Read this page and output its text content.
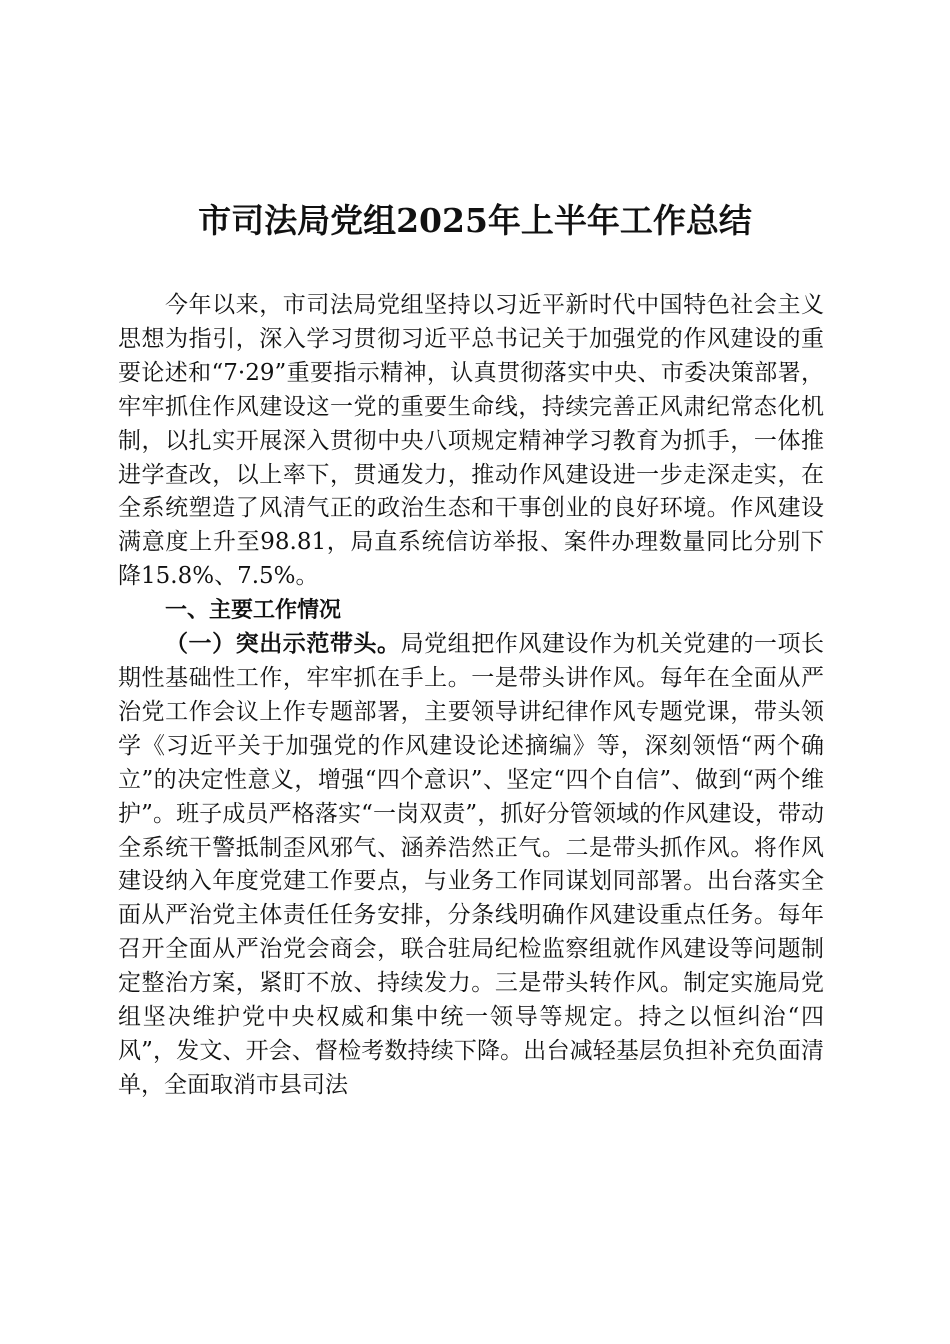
市司法局党组2025年上半年工作总结

今年以来，市司法局党组坚持以习近平新时代中国特色社会主义思想为指引，深入学习贯彻习近平总书记关于加强党的作风建设的重要论述和“7·29”重要指示精神，认真贯彻落实中央、市委决策部署，牢牢抓住作风建设这一党的重要生命线，持续完善正风肃纪常态化机制，以扎实开展深入贯彻中央八项规定精神学习教育为抓手，一体推进学查改，以上率下，贯通发力，推动作风建设进一步走深走实，在全系统塑造了风清气正的政治生态和干事创业的良好环境。作风建设满意度上升至98.81，局直系统信访举报、案件办理数量同比分别下降15.8%、7.5%。

一、主要工作情况

（一）突出示范带头。局党组把作风建设作为机关党建的一项长期性基础性工作，牢牢抓在手上。一是带头讲作风。每年在全面从严治党工作会议上作专题部署，主要领导讲纪律作风专题党课，带头领学《习近平关于加强党的作风建设论述摘编》等，深刻领悟“两个确立”的决定性意义，增强“四个意识”、坚定“四个自信”、做到“两个维护”。班子成员严格落实“一岗双责”，抓好分管领域的作风建设，带动全系统干警抵制歪风邪气、涵养浩然正气。二是带头抓作风。将作风建设纳入年度党建工作要点，与业务工作同谋划同部署。出台落实全面从严治党主体责任任务安排，分条线明确作风建设重点任务。每年召开全面从严治党会商会，联合驻局纪检监察组就作风建设等问题制定整治方案，紧盯不放、持续发力。三是带头转作风。制定实施局党组坚决维护党中央权威和集中统一领导等规定。持之以恒纠治“四风”，发文、开会、督检考数持续下降。出台减轻基层负担补充负面清单，全面取消市县司法
